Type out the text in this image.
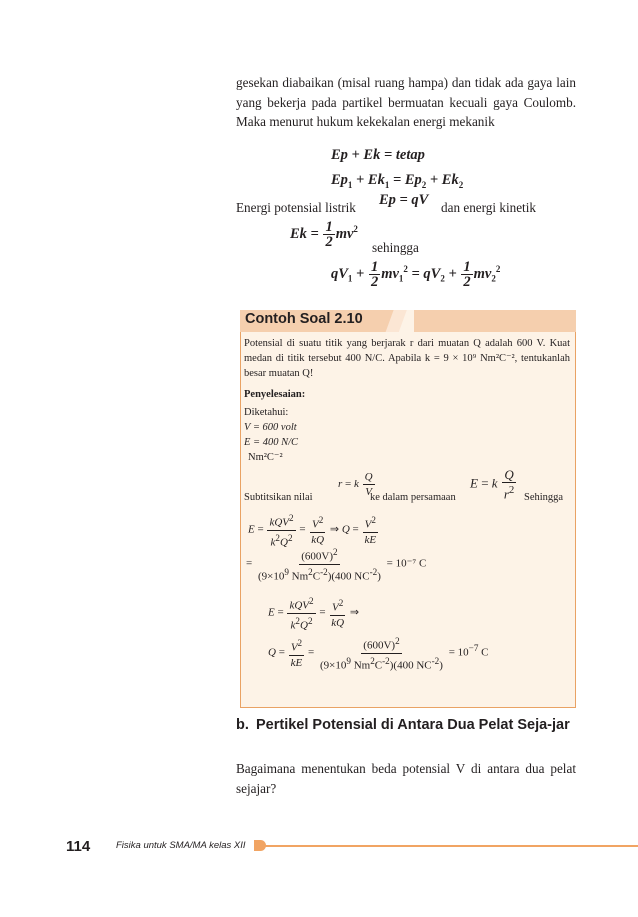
gesekan diabaikan (misal ruang hampa) dan tidak ada gaya lain yang bekerja pada partikel bermuatan kecuali gaya Coulomb. Maka menurut hukum kekekalan energi mekanik
Ep + Ek = tetap
$Ep_1 + Ek_1 = Ep_2 + Ek_2$
Energi potensial listrik Ep = qV dan energi kinetik
$Ek = \frac{1}{2} mv^2$
sehingga
$qV_1 + \frac{1}{2} mv_1^2 = qV_2 + \frac{1}{2} mv_2^2$
Contoh Soal 2.10
Potensial di suatu titik yang berjarak r dari muatan Q adalah 600 V. Kuat medan di titik tersebut 400 N/C. Apabila k = 9 × 10⁹ Nm²C⁻², tentukanlah besar muatan Q!
Penyelesaian:
Diketahui:
V = 600 volt
E = 400 N/C
Nm²C⁻²
r = k $\frac{Q}{V}$	E = k $\frac{Q}{r^2}$
Subtitsikan nilai	ke dalam persamaan	Sehingga
$E = \frac{kQV^2}{k^2Q^2} = \frac{V^2}{kQ}$ ⇒ $Q = \frac{V^2}{kE}$
= $\frac{(600V)^2}{(9\times 10^9 Nm^2C^{-2})(400 NC^{-2})} = 10^{-7}$ C
$E = \frac{kQV^2}{k^2Q^2} = \frac{V^2}{kQ}$ ⇒
$Q = \frac{V^2}{kE} = \frac{(600V)^2}{(9\times 10^9 Nm^2C^{-2})(400 NC^{-2})} = 10^{-7}$ C
b. Pertikel Potensial di Antara Dua Pelat Seja-jar
Bagaimana menentukan beda potensial V di antara dua pelat sejajar?
114	Fisika untuk SMA/MA kelas XII
